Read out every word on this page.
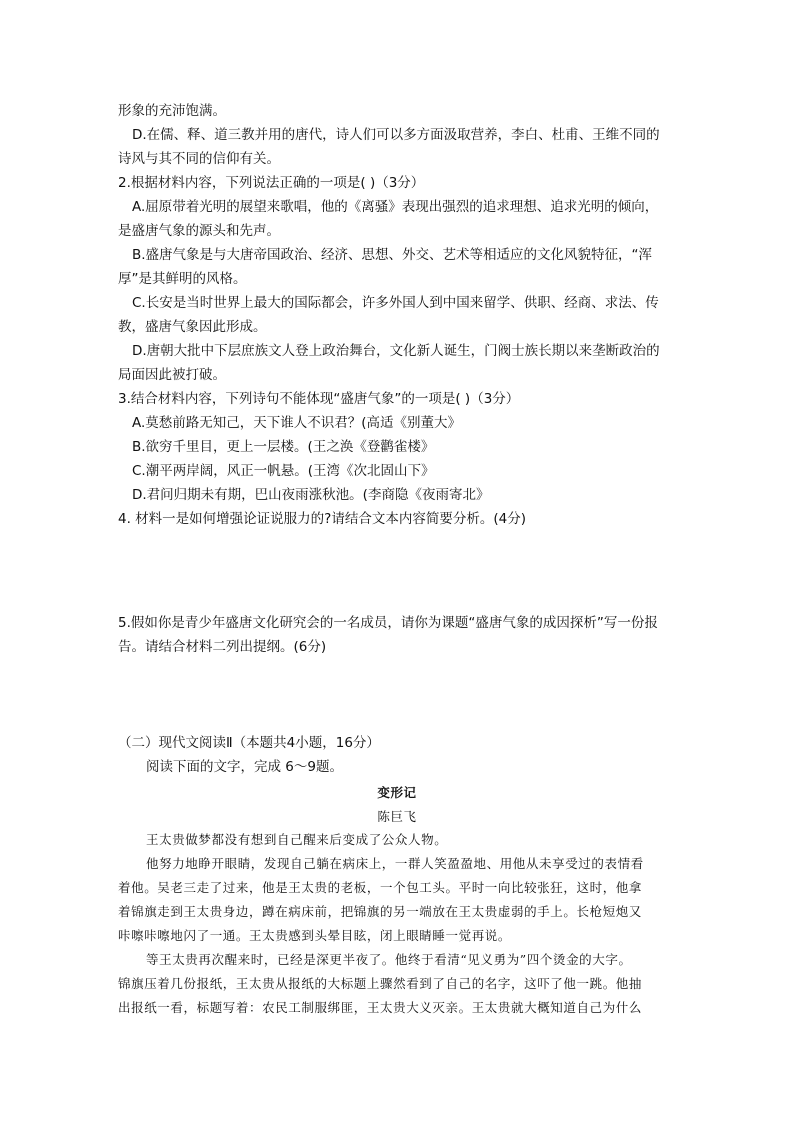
形象的充沛饱满。
D.在儒、释、道三教并用的唐代，诗人们可以多方面汲取营养，李白、杜甫、王维不同的
诗风与其不同的信仰有关。
2.根据材料内容，下列说法正确的一项是( )（3分）
A.屈原带着光明的展望来歌唱，他的《离骚》表现出强烈的追求理想、追求光明的倾向，
是盛唐气象的源头和先声。
B.盛唐气象是与大唐帝国政治、经济、思想、外交、艺术等相适应的文化风貌特征，“浑
厚”是其鲜明的风格。
C.长安是当时世界上最大的国际都会，许多外国人到中国来留学、供职、经商、求法、传
教，盛唐气象因此形成。
D.唐朝大批中下层庶族文人登上政治舞台，文化新人诞生，门阀士族长期以来垄断政治的
局面因此被打破。
3.结合材料内容，下列诗句不能体现“盛唐气象”的一项是( )（3分）
A.莫愁前路无知己，天下谁人不识君？(高适《别董大》
B.欲穷千里目，更上一层楼。(王之涣《登鹳雀楼》
C.潮平两岸阔，风正一帆悬。(王湾《次北固山下》
D.君问归期未有期，巴山夜雨涨秋池。(李商隐《夜雨寄北》
4. 材料一是如何增强论证说服力的?请结合文本内容简要分析。(4分)
5.假如你是青少年盛唐文化研究会的一名成员，请你为课题“盛唐气象的成因探析”写一份报
告。请结合材料二列出提纲。(6分)
（二）现代文阅读Ⅱ（本题共4小题，16分）
阅读下面的文字，完成 6～9题。
变形记
陈巨飞
王太贵做梦都没有想到自己醒来后变成了公众人物。
他努力地睁开眼睛，发现自己躺在病床上，一群人笑盈盈地、用他从未享受过的表情看
着他。吴老三走了过来，他是王太贵的老板，一个包工头。平时一向比较张狂，这时，他拿
着锦旗走到王太贵身边，蹲在病床前，把锦旗的另一端放在王太贵虚弱的手上。长枪短炮又
咔嚓咔嚓地闪了一通。王太贵感到头晕目眩，闭上眼睛睡一觉再说。
等王太贵再次醒来时，已经是深更半夜了。他终于看清“见义勇为”四个烫金的大字。
锦旗压着几份报纸，王太贵从报纸的大标题上骤然看到了自己的名字，这吓了他一跳。他抽
出报纸一看，标题写着：农民工制服绑匪，王太贵大义灭亲。王太贵就大概知道自己为什么
